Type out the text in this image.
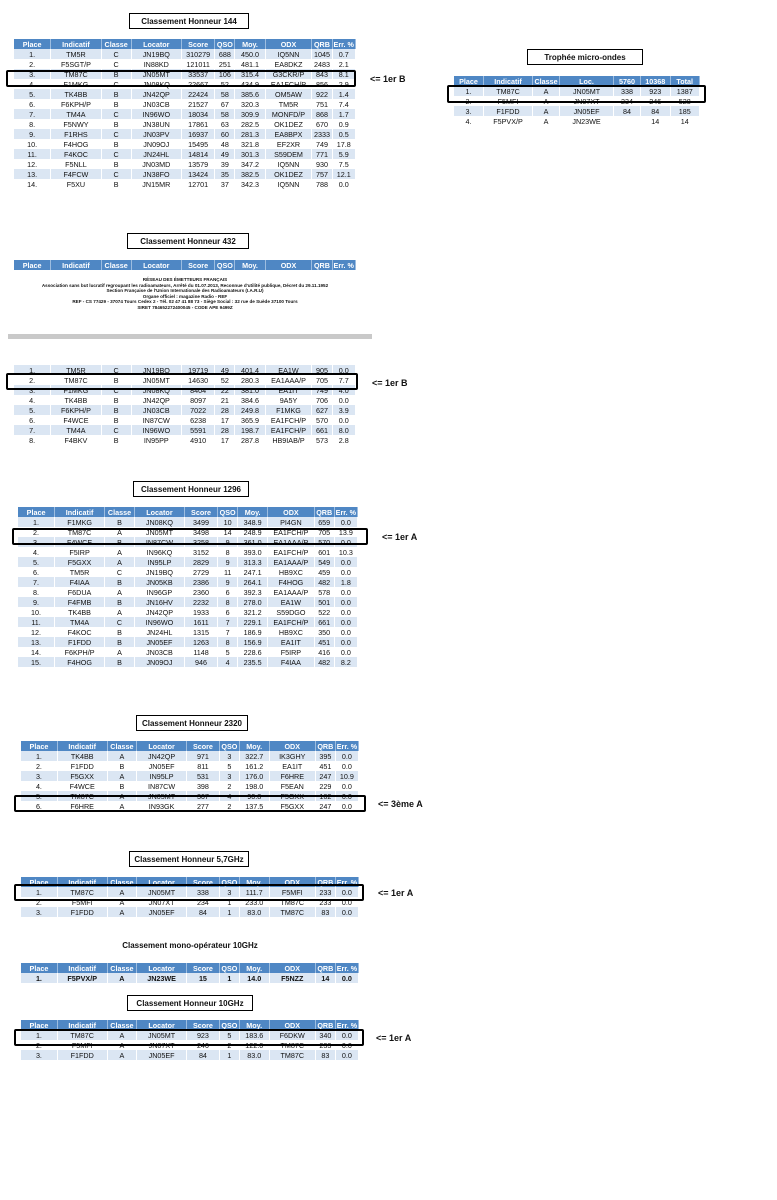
Classement Honneur 144
Place	Indicatif	Classe	Locator	Score	QSO	Moy.	ODX	QRB	Err. %
1.	TM5R	C	JN19BQ	310279	688	450.0	IQ5NN	1045	0.7
2.	F5SGT/P	C	IN88KD	121011	251	481.1	EA8DKZ	2483	2.1
3.	TM87C	B	JN05MT	33537	106	315.4	G3CKR/P	843	8.1
4.	F1MKG	C	JN08KQ	22667	52	434.9	EA1FCH/P	856	2.9
5.	TK4BB	B	JN42QP	22424	58	385.6	OM5AW	922	1.4
6.	F6KPH/P	B	JN03CB	21527	67	320.3	TM5R	751	7.4
7.	TM4A	C	IN96WO	18034	58	309.9	MONFD/P	868	1.7
8.	F5NWY	B	JN38UN	17861	63	282.5	OK1DEZ	670	0.9
9.	F1RHS	C	JN03PV	16937	60	281.3	EA8BPX	2333	0.5
10.	F4HOG	B	JN09OJ	15495	48	321.8	EF2XR	749	17.8
11.	F4KOC	C	JN24HL	14814	49	301.3	S59DEM	771	5.9
12.	F5NLL	B	JN03MD	13579	39	347.2	IQ5NN	930	7.5
13.	F4FCW	C	JN38FO	13424	35	382.5	OK1DEZ	757	12.1
14.	F5XU	B	JN15MR	12701	37	342.3	IQ5NN	788	0.0
<= 1er B
Trophée micro-ondes
Place	Indicatif	Classe	Loc.	5760	10368	Total
1.	TM87C	A	JN05MT	338	923	1387
2.	F5MFI	A	JN07XT	234	246	528
3.	F1FDD	A	JN05EF	84	84	185
4.	F5PVX/P	A	JN23WE		14	14
Classement Honneur 432
Place	Indicatif	Classe	Locator	Score	QSO	Moy.	ODX	QRB	Err. %
RÉSEAU DES ÉMETTEURS FRANÇAIS
Association sans but lucratif regroupant les radioamateurs, Arrêté du 01.07.2013, Reconnue d'utilité publique, Décret du 29.11.1952
Section Française de l'Union Internationale des Radioamateurs (I.A.R.U)
Organe officiel : magazine Radio - REF
REF - CS 77429 - 37074 Tours Cedex 2 - Tél. 02 47 41 88 73 - Siège Social : 32 rue de Suède 37100 Tours
SIRET 784652272400045 - CODE APE 9499Z
1.	TM5R	C	JN19BQ	19719	49	401.4	EA1W	905	0.0
2.	TM87C	B	JN05MT	14630	52	280.3	EA1AAA/P	705	7.7
3.	F1MKG	C	JN08KQ	8404	22	381.0	EA1IT	749	4.0
4.	TK4BB	B	JN42QP	8097	21	384.6	9A5Y	706	0.0
5.	F6KPH/P	B	JN03CB	7022	28	249.8	F1MKG	627	3.9
6.	F4WCE	B	IN87CW	6238	17	365.9	EA1FCH/P	570	0.0
7.	TM4A	C	IN96WO	5591	28	198.7	EA1FCH/P	661	8.0
8.	F4BKV	B	IN95PP	4910	17	287.8	HB9IAB/P	573	2.8
<= 1er B
Classement Honneur 1296
Place	Indicatif	Classe	Locator	Score	QSO	Moy.	ODX	QRB	Err. %
1.	F1MKG	B	JN08KQ	3499	10	348.9	PI4GN	659	0.0
2.	TM87C	A	JN05MT	3498	14	248.9	EA1FCH/P	705	13.9
3.	F4WCE	B	IN87CW	3258	9	361.0	EA1AAA/P	570	0.0
4.	F5IRP	A	IN96KQ	3152	8	393.0	EA1FCH/P	601	10.3
5.	F5GXX	A	IN95LP	2829	9	313.3	EA1AAA/P	549	0.0
6.	TM5R	C	JN19BQ	2729	11	247.1	HB9XC	459	0.0
7.	F4IAA	B	JN05KB	2386	9	264.1	F4HOG	482	1.8
8.	F6DUA	A	IN96GP	2360	6	392.3	EA1AAA/P	578	0.0
9.	F4FMB	B	JN16HV	2232	8	278.0	EA1W	501	0.0
10.	TK4BB	A	JN42QP	1933	6	321.2	S59DGO	522	0.0
11.	TM4A	C	IN96WO	1611	7	229.1	EA1FCH/P	661	0.0
12.	F4KOC	B	JN24HL	1315	7	186.9	HB9XC	350	0.0
13.	F1FDD	B	JN05EF	1263	8	156.9	EA1IT	451	0.0
14.	F6KPH/P	A	JN03CB	1148	5	228.6	F5IRP	416	0.0
15.	F4HOG	B	JN09OJ	946	4	235.5	F4IAA	482	8.2
<= 1er A
Classement Honneur 2320
Place	Indicatif	Classe	Locator	Score	QSO	Moy.	ODX	QRB	Err. %
1.	TK4BB	A	JN42QP	971	3	322.7	IK3GHY	395	0.0
2.	F1FDD	B	JN05EF	811	5	161.2	EA1IT	451	0.0
3.	F5GXX	A	IN95LP	531	3	176.0	F6HRE	247	10.9
4.	F4WCE	B	IN87CW	398	2	198.0	F5EAN	229	0.0
5.	TM87C	A	JN05MT	367	4	90.8	F5GXX	162	0.0
6.	F6HRE	A	IN93GK	277	2	137.5	F5GXX	247	0.0	<= 3ème A
Classement Honneur 5,7GHz
Place	Indicatif	Classe	Locator	Score	QSO	Moy.	ODX	QRB	Err. %
1.	TM87C	A	JN05MT	338	3	111.7	F5MFI	233	0.0
2.	F5MFI	A	JN07XT	234	1	233.0	TM87C	233	0.0
3.	F1FDD	A	JN05EF	84	1	83.0	TM87C	83	0.0
<= 1er A
Classement mono-opérateur 10GHz
Place	Indicatif	Classe	Locator	Score	QSO	Moy.	ODX	QRB	Err. %
1.	F5PVX/P	A	JN23WE	15	1	14.0	F5NZZ	14	0.0
Classement Honneur 10GHz
Place	Indicatif	Classe	Locator	Score	QSO	Moy.	ODX	QRB	Err. %
1.	TM87C	A	JN05MT	923	5	183.6	F6DKW	340	0.0
2.	F5MFI	A	JN07XT	246	2	122.0	TM87C	233	0.0
3.	F1FDD	A	JN05EF	84	1	83.0	TM87C	83	0.0
<= 1er A
